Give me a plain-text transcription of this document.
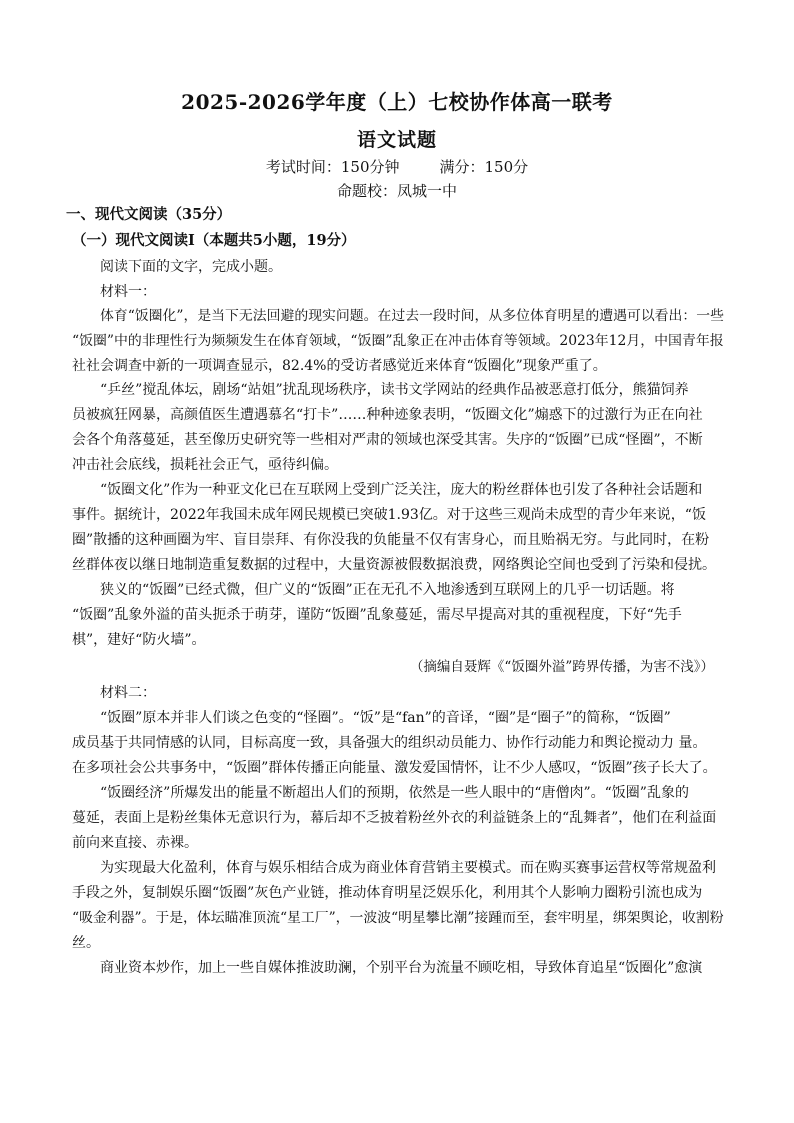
2025-2026学年度（上）七校协作体高一联考
语文试题
考试时间：150分钟	满分：150分
命题校：凤城一中
一、现代文阅读（35分）
（一）现代文阅读Ⅰ（本题共5小题，19分）
阅读下面的文字，完成小题。
材料一：
体育“饭圈化”，是当下无法回避的现实问题。在过去一段时间，从多位体育明星的遭遇可以看出：一些
“饭圈”中的非理性行为频频发生在体育领域，“饭圈”乱象正在冲击体育等领域。2023年12月，中国青年报
社社会调查中新的一项调查显示，82.4%的受访者感觉近来体育“饭圈化”现象严重了。
“乒丝”搅乱体坛，剧场“站姐”扰乱现场秩序，读书文学网站的经典作品被恶意打低分，熊猫饲养
员被疯狂网暴，高颜值医生遭遇慕名“打卡”……种种迹象表明，“饭圈文化”煽惑下的过激行为正在向社
会各个角落蔓延，甚至像历史研究等一些相对严肃的领域也深受其害。失序的“饭圈”已成“怪圈”，不断
冲击社会底线，损耗社会正气，亟待纠偏。
“饭圈文化”作为一种亚文化已在互联网上受到广泛关注，庞大的粉丝群体也引发了各种社会话题和
事件。据统计，2022年我国未成年网民规模已突破1.93亿。对于这些三观尚未成型的青少年来说，“饭
圈”散播的这种画圈为牢、盲目崇拜、有你没我的负能量不仅有害身心，而且贻祸无穷。与此同时，在粉
丝群体夜以继日地制造重复数据的过程中，大量资源被假数据浪费，网络舆论空间也受到了污染和侵扰。
狭义的“饭圈”已经式微，但广义的“饭圈”正在无孔不入地渗透到互联网上的几乎一切话题。将
“饭圈”乱象外溢的苗头扼杀于萌芽，谨防“饭圈”乱象蔓延，需尽早提高对其的重视程度，下好“先手
棋”，建好“防火墙”。
（摘编自聂辉《“饭圈外溢”跨界传播，为害不浅》）
材料二：
“饭圈”原本并非人们谈之色变的“怪圈”。“饭”是“fan”的音译，“圈”是“圈子”的简称，“饭圈”
成员基于共同情感的认同，目标高度一致，具备强大的组织动员能力、协作行动能力和舆论搅动力 量。
在多项社会公共事务中，“饭圈”群体传播正向能量、激发爱国情怀，让不少人感叹，“饭圈”孩子长大了。
“饭圈经济”所爆发出的能量不断超出人们的预期，依然是一些人眼中的“唐僧肉”。“饭圈”乱象的
蔓延，表面上是粉丝集体无意识行为，幕后却不乏披着粉丝外衣的利益链条上的“乱舞者”，他们在利益面
前向来直接、赤裸。
为实现最大化盈利，体育与娱乐相结合成为商业体育营销主要模式。而在购买赛事运营权等常规盈利
手段之外，复制娱乐圈“饭圈”灰色产业链，推动体育明星泛娱乐化，利用其个人影响力圈粉引流也成为
“吸金利器”。于是，体坛瞄准顶流“星工厂”，一波波“明星攀比潮”接踵而至，套牢明星，绑架舆论，收割粉
丝。
商业资本炒作，加上一些自媒体推波助澜，个别平台为流量不顾吃相，导致体育追星“饭圈化”愈演
